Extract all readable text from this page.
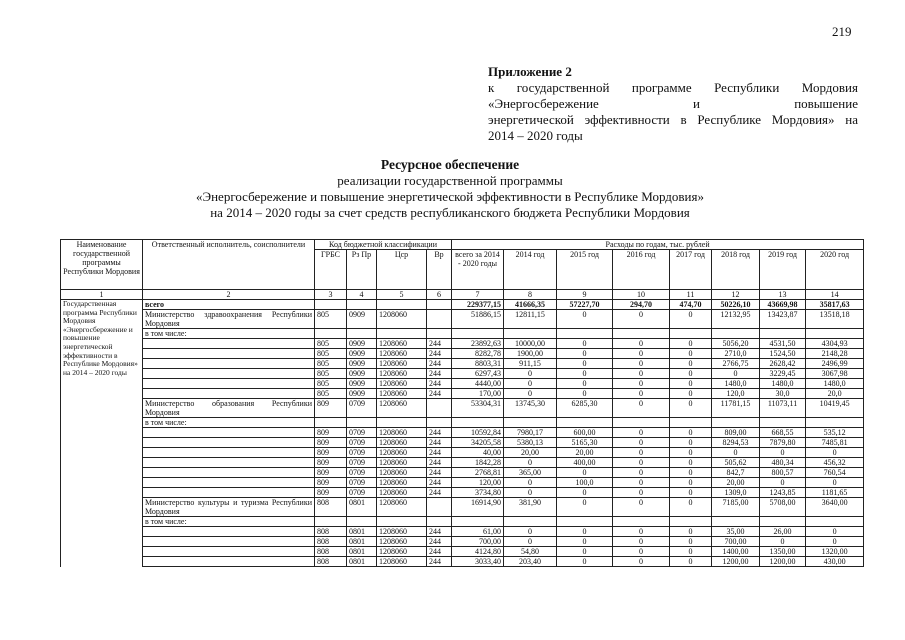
219
Приложение 2
к государственной программе Республики Мордовия
«Энергосбережение и повышение
энергетической эффективности в Республике Мордовия» на
2014 – 2020 годы
Ресурсное обеспечение
реализации государственной программы
«Энергосбережение и повышение энергетической эффективности в Республике Мордовия»
на 2014 – 2020 годы за счет средств республиканского бюджета Республики Мордовия
Наименование государственной программы Республики Мордовия	Ответственный исполнитель, соисполнители	Код бюджетной классификации				Расходы по годам, тыс. рублей							
		ГРБС	Рз Пр	Цср	Вр	всего за 2014 - 2020 годы	2014 год	2015 год	2016 год	2017 год	2018 год	2019 год	2020 год
1	2	3	4	5	6	7	8	9	10	11	12	13	14
Государственная программа Республики Мордовия «Энергосбережение и повышение энергетической эффективности в Республике Мордовия» на 2014 – 2020 годы	всего					229377,15	41666,35	57227,70	294,70	474,70	50226,10	43669,98	35817,63
	Министерство здравоохранения Республики Мордовия	805	0909	1208060		51886,15	12811,15	0	0	0	12132,95	13423,87	13518,18
	в том числе:												
		805	0909	1208060	244	23892,63	10000,00	0	0	0	5056,20	4531,50	4304,93
		805	0909	1208060	244	8282,78	1900,00	0	0	0	2710,0	1524,50	2148,28
		805	0909	1208060	244	8803,31	911,15	0	0	0	2766,75	2628,42	2496,99
		805	0909	1208060	244	6297,43	0	0	0	0	0	3229,45	3067,98
		805	0909	1208060	244	4440,00	0	0	0	0	1480,0	1480,0	1480,0
		805	0909	1208060	244	170,00	0	0	0	0	120,0	30,0	20,0
	Министерство образования Республики Мордовия	809	0709	1208060		53304,31	13745,30	6285,30	0	0	11781,15	11073,11	10419,45
	в том числе:												
		809	0709	1208060	244	10592,84	7980,17	600,00	0	0	809,00	668,55	535,12
		809	0709	1208060	244	34205,58	5380,13	5165,30	0	0	8294,53	7879,80	7485,81
		809	0709	1208060	244	40,00	20,00	20,00	0	0	0	0	0
		809	0709	1208060	244	1842,28	0	400,00	0	0	505,62	480,34	456,32
		809	0709	1208060	244	2768,81	365,00	0	0	0	842,7	800,57	760,54
		809	0709	1208060	244	120,00	0	100,0	0	0	20,00	0	0
		809	0709	1208060	244	3734,80	0	0	0	0	1309,0	1243,85	1181,65
	Министерство культуры и туризма Республики Мордовия	808	0801	1208060		16914,90	381,90	0	0	0	7185,00	5708,00	3640,00
	в том числе:												
		808	0801	1208060	244	61,00	0	0	0	0	35,00	26,00	0
		808	0801	1208060	244	700,00	0	0	0	0	700,00	0	0
		808	0801	1208060	244	4124,80	54,80	0	0	0	1400,00	1350,00	1320,00
		808	0801	1208060	244	3033,40	203,40	0	0	0	1200,00	1200,00	430,00
